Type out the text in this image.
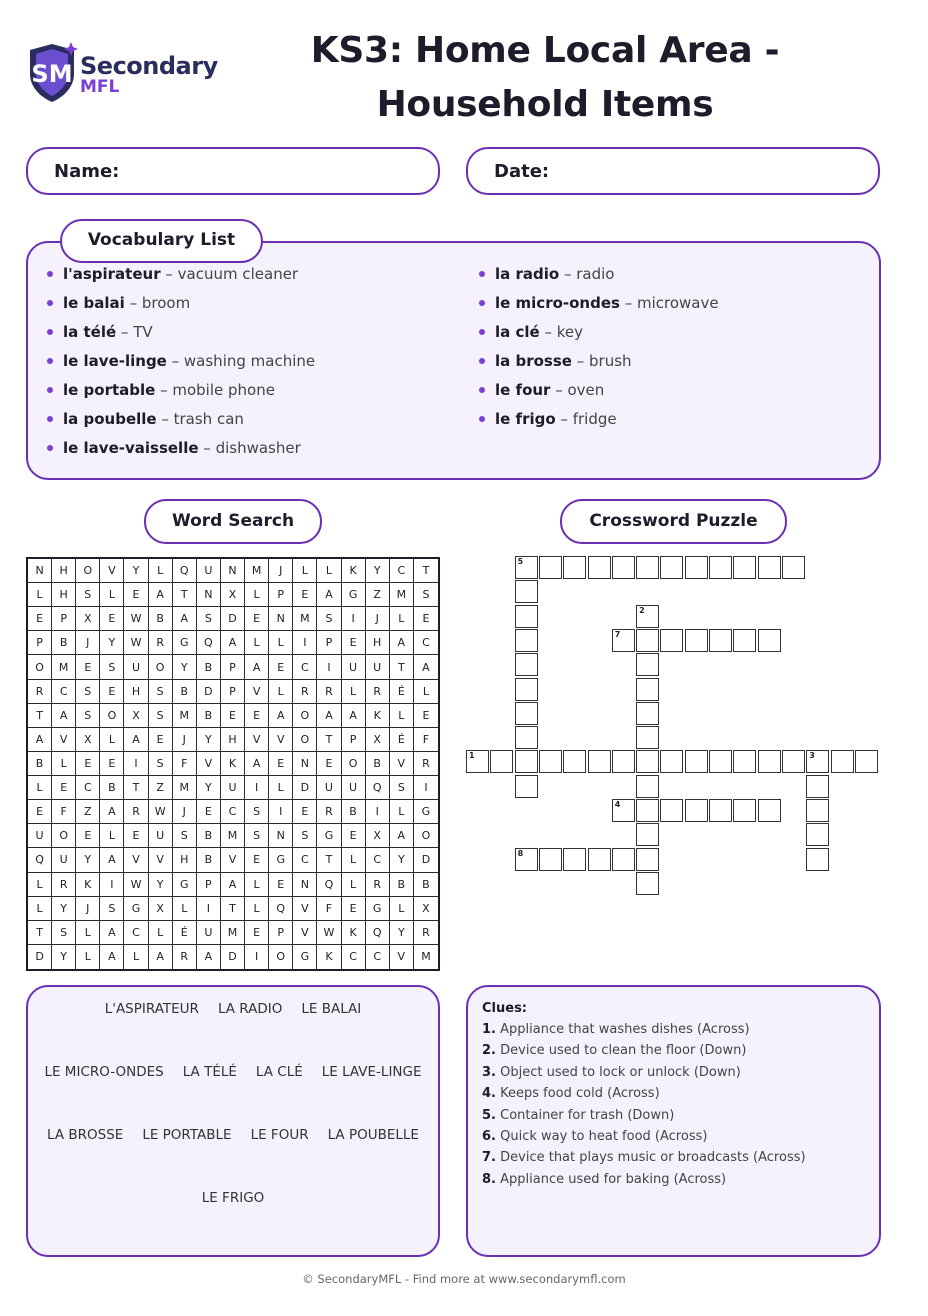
SM Secondary
MFL
KS3: Home Local Area -
Household Items
Name:	Date:
Vocabulary List
l'aspirateur – vacuum cleaner
le balai – broom
la télé – TV
le lave-linge – washing machine
le portable – mobile phone
la poubelle – trash can
le lave-vaisselle – dishwasher
la radio – radio
le micro-ondes – microwave
la clé – key
la brosse – brush
le four – oven
le frigo – fridge
Word Search	Crossword Puzzle
N	H	O	V	Y	L	Q	U	N	M	J	L	L	K	Y	C	T
L	H	S	L	E	A	T	N	X	L	P	E	A	G	Z	M	S
E	P	X	E	W	B	A	S	D	E	N	M	S	I	J	L	E
P	B	J	Y	W	R	G	Q	A	L	L	I	P	E	H	A	C
O	M	E	S	U	O	Y	B	P	A	E	C	I	U	U	T	A
R	C	S	E	H	S	B	D	P	V	L	R	R	L	R	É	L
T	A	S	O	X	S	M	B	E	E	A	O	A	A	K	L	E
A	V	X	L	A	E	J	Y	H	V	V	O	T	P	X	É	F
B	L	E	E	I	S	F	V	K	A	E	N	E	O	B	V	R
L	E	C	B	T	Z	M	Y	U	I	L	D	U	U	Q	S	I
E	F	Z	A	R	W	J	E	C	S	I	E	R	B	I	L	G
U	O	E	L	E	U	S	B	M	S	N	S	G	E	X	A	O
Q	U	Y	A	V	V	H	B	V	E	G	C	T	L	C	Y	D
L	R	K	I	W	Y	G	P	A	L	E	N	Q	L	R	B	B
L	Y	J	S	G	X	L	I	T	L	Q	V	F	E	G	L	X
T	S	L	A	C	L	É	U	M	E	P	V	W	K	Q	Y	R
D	Y	L	A	L	A	R	A	D	I	O	G	K	C	C	V	M
5
2
7
1	3
4
8
L'ASPIRATEUR LA RADIO LE BALAI
LE MICRO-ONDES LA TÉLÉ LA CLÉ LE LAVE-LINGE
LA BROSSE LE PORTABLE LE FOUR LA POUBELLE
LE FRIGO
Clues:
1. Appliance that washes dishes (Across)
2. Device used to clean the floor (Down)
3. Object used to lock or unlock (Down)
4. Keeps food cold (Across)
5. Container for trash (Down)
6. Quick way to heat food (Across)
7. Device that plays music or broadcasts (Across)
8. Appliance used for baking (Across)
© SecondaryMFL - Find more at www.secondarymfl.com
